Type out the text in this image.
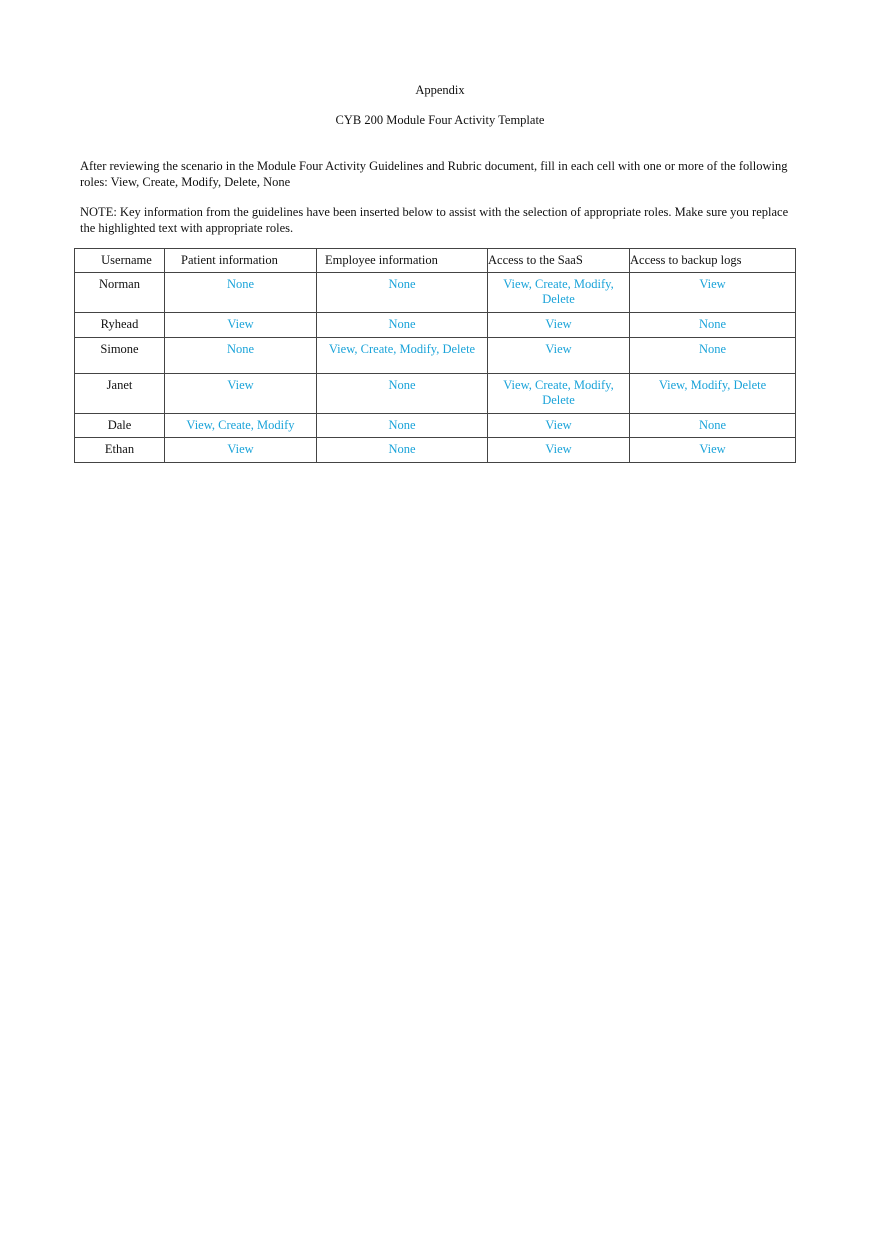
Appendix
CYB 200 Module Four Activity Template
After reviewing the scenario in the Module Four Activity Guidelines and Rubric document, fill in each cell with one or more of the following roles: View, Create, Modify, Delete, None
NOTE: Key information from the guidelines have been inserted below to assist with the selection of appropriate roles. Make sure you replace the highlighted text with appropriate roles.
Username	Patient information	Employee information	Access to the SaaS	Access to backup logs
Norman	None	None	View, Create, Modify, Delete	View
Ryhead	View	None	View	None
Simone	None	View, Create, Modify, Delete	View	None
Janet	View	None	View, Create, Modify, Delete	View, Modify, Delete
Dale	View, Create, Modify	None	View	None
Ethan	View	None	View	View
